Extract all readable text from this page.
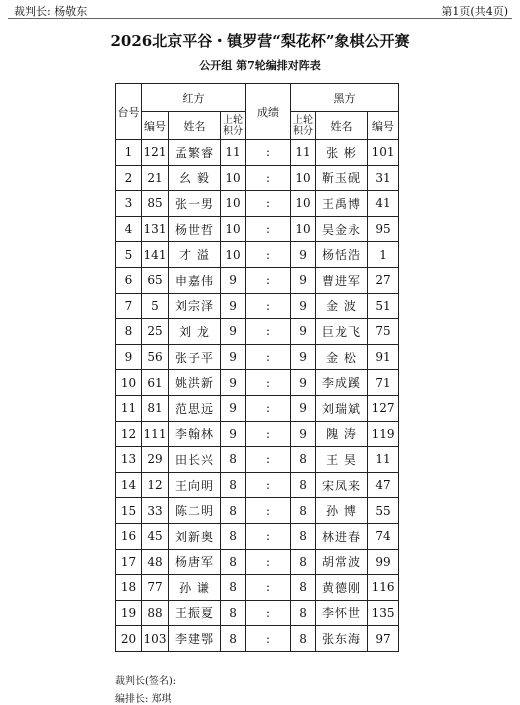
裁判长: 杨敬东	第1页(共4页)
2026北京平谷・镇罗营“梨花杯”象棋公开赛
公开组 第7轮编排对阵表
台号	红方			成绩	黑方		
	编号	姓名	上轮积分		上轮积分	姓名	编号
1	121	孟繁睿	11	:	11	张 彬	101
2	21	幺 毅	10	:	10	靳玉砚	31
3	85	张一男	10	:	10	王禹博	41
4	131	杨世哲	10	:	10	吴金永	95
5	141	才 溢	10	:	9	杨恬浩	1
6	65	申嘉伟	9	:	9	曹进军	27
7	5	刘宗泽	9	:	9	金 波	51
8	25	刘 龙	9	:	9	巨龙飞	75
9	56	张子平	9	:	9	金 松	91
10	61	姚洪新	9	:	9	李成蹊	71
11	81	范思远	9	:	9	刘瑞斌	127
12	111	李翰林	9	:	9	隗 涛	119
13	29	田长兴	8	:	8	王 昊	11
14	12	王向明	8	:	8	宋凤来	47
15	33	陈二明	8	:	8	孙 博	55
16	45	刘新奥	8	:	8	林进春	74
17	48	杨唐军	8	:	8	胡常波	99
18	77	孙 谦	8	:	8	黄德刚	116
19	88	王振夏	8	:	8	李怀世	135
20	103	李建鄂	8	:	8	张东海	97
裁判长(签名):
编排长: 郑琪
